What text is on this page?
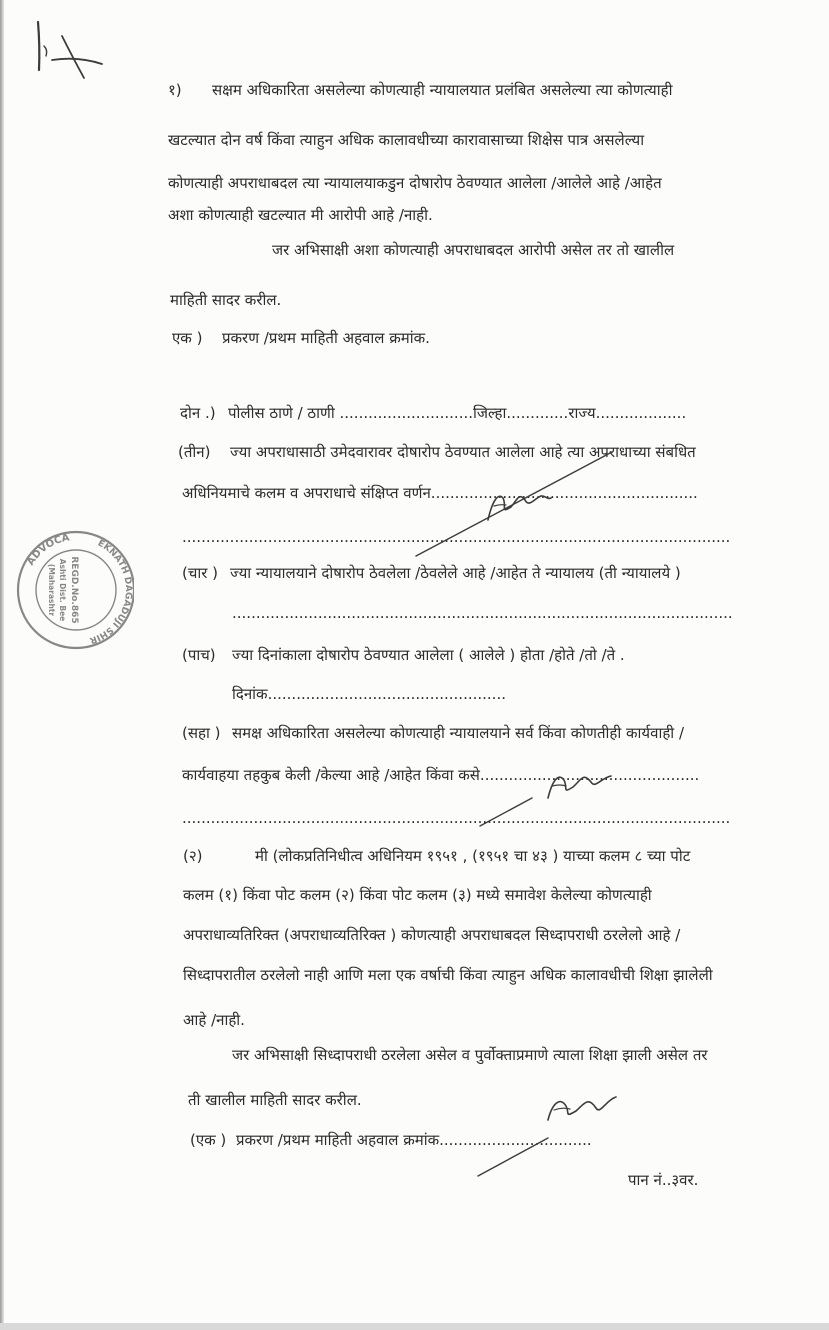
१) सक्षम अधिकारिता असलेल्या कोणत्याही न्यायालयात प्रलंबित असलेल्या त्या कोणत्याही
खटल्यात दोन वर्ष किंवा त्याहुन अधिक कालावधीच्या कारावासाच्या शिक्षेस पात्र असलेल्या
कोणत्याही अपराधाबदल त्या न्यायालयाकडुन दोषारोप ठेवण्यात आलेला /आलेले आहे /आहेत
अशा कोणत्याही खटल्यात मी आरोपी आहे /नाही.
जर अभिसाक्षी अशा कोणत्याही अपराधाबदल आरोपी असेल तर तो खालील
माहिती सादर करील.
एक ) प्रकरण /प्रथम माहिती अहवाल क्रमांक.
दोन .) पोलीस ठाणे / ठाणी ............................जिल्हा.............राज्य...................
(तीन) ज्या अपराधासाठी उमेदवारावर दोषारोप ठेवण्यात आलेला आहे त्या अपराधाच्या संबधित
अधिनियमाचे कलम व अपराधाचे संक्षिप्त वर्णन........................................................
...................................................................................................................
(चार ) ज्या न्यायालयाने दोषारोप ठेवलेला /ठेवलेले आहे /आहेत ते न्यायालय (ती न्यायालये )
.........................................................................................................
(पाच) ज्या दिनांकाला दोषारोप ठेवण्यात आलेला ( आलेले ) होता /होते /तो /ते .
दिनांक..................................................
(सहा ) समक्ष अधिकारिता असलेल्या कोणत्याही न्यायालयाने सर्व किंवा कोणतीही कार्यवाही /
कार्यवाहया तहकुब केली /केल्या आहे /आहेत किंवा कसे..............................................
...................................................................................................................
(२)	मी (लोकप्रतिनिधीत्व अधिनियम १९५१ , (१९५१ चा ४३ ) याच्या कलम ८ च्या पोट
कलम (१) किंवा पोट कलम (२) किंवा पोट कलम (३) मध्ये समावेश केलेल्या कोणत्याही
अपराधाव्यतिरिक्त (अपराधाव्यतिरिक्त ) कोणत्याही अपराधाबदल सिध्दापराधी ठरलेलो आहे /
सिध्दापरातील ठरलेलो नाही आणि मला एक वर्षाची किंवा त्याहुन अधिक कालावधीची शिक्षा झालेली
आहे /नाही.
जर अभिसाक्षी सिध्दापराधी ठरलेला असेल व पुर्वोक्ताप्रमाणे त्याला शिक्षा झाली असेल तर
ती खालील माहिती सादर करील.
(एक ) प्रकरण /प्रथम माहिती अहवाल क्रमांक................................
पान नं..३वर.
ADVOCA	EKNATH DAGADUJI SHIR
REGD.No.865
Ashti Dist. Bee
(Maharashtr
